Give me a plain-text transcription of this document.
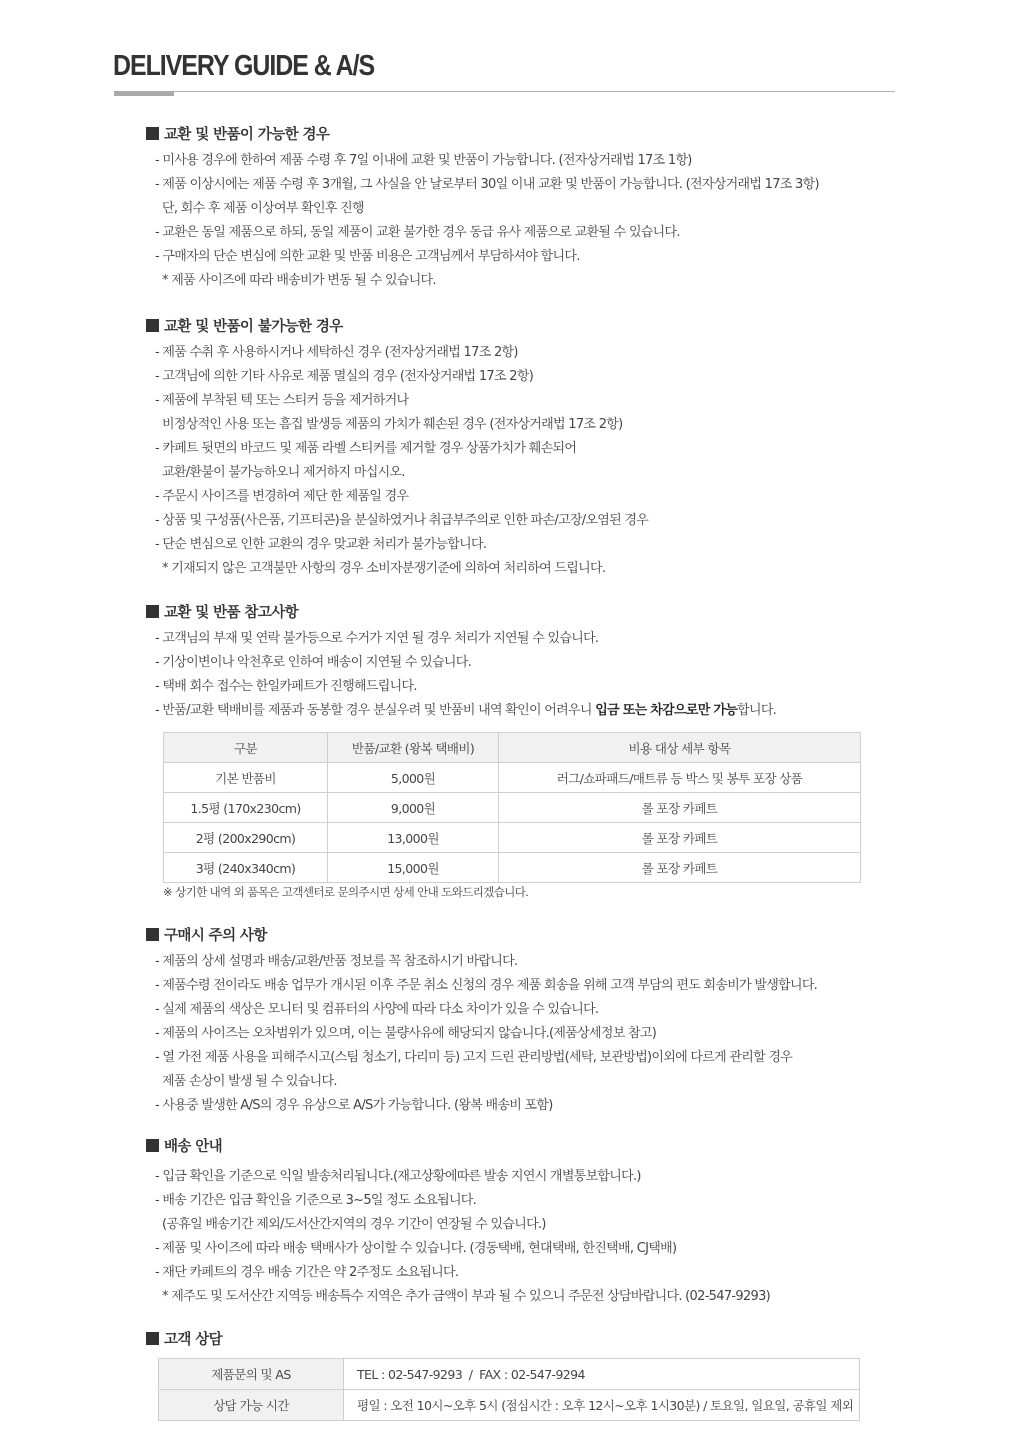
DELIVERY GUIDE & A/S
교환 및 반품이 가능한 경우
- 미사용 경우에 한하여 제품 수령 후 7일 이내에 교환 및 반품이 가능합니다. (전자상거래법 17조 1항)
- 제품 이상시에는 제품 수령 후 3개월, 그 사실을 안 날로부터 30일 이내 교환 및 반품이 가능합니다. (전자상거래법 17조 3항)
단, 회수 후 제품 이상여부 확인후 진행
- 교환은 동일 제품으로 하되, 동일 제품이 교환 불가한 경우 동급 유사 제품으로 교환될 수 있습니다.
- 구매자의 단순 변심에 의한 교환 및 반품 비용은 고객님께서 부담하셔야 합니다.
* 제품 사이즈에 따라 배송비가 변동 될 수 있습니다.
교환 및 반품이 불가능한 경우
- 제품 수취 후 사용하시거나 세탁하신 경우 (전자상거래법 17조 2항)
- 고객님에 의한 기타 사유로 제품 멸실의 경우 (전자상거래법 17조 2항)
- 제품에 부착된 텍 또는 스티커 등을 제거하거나
비정상적인 사용 또는 흠집 발생등 제품의 가치가 훼손된 경우 (전자상거래법 17조 2항)
- 카페트 뒷면의 바코드 및 제품 라벨 스티커를 제거할 경우 상품가치가 훼손되어
교환/환불이 불가능하오니 제거하지 마십시오.
- 주문시 사이즈를 변경하여 제단 한 제품일 경우
- 상품 및 구성품(사은품, 기프티콘)을 분실하였거나 취급부주의로 인한 파손/고장/오염된 경우
- 단순 변심으로 인한 교환의 경우 맞교환 처리가 불가능합니다.
* 기재되지 않은 고객불만 사항의 경우 소비자분쟁기준에 의하여 처리하여 드립니다.
교환 및 반품 참고사항
- 고객님의 부재 및 연락 불가등으로 수거가 지연 될 경우 처리가 지연될 수 있습니다.
- 기상이변이나 악천후로 인하여 배송이 지연될 수 있습니다.
- 택배 회수 접수는 한일카페트가 진행해드립니다.
- 반품/교환 택배비를 제품과 동봉할 경우 분실우려 및 반품비 내역 확인이 어려우니 입금 또는 차감으로만 가능합니다.
구분	반품/교환 (왕복 택배비)	비용 대상 세부 항목
기본 반품비	5,000원	러그/쇼파패드/매트류 등 박스 및 봉투 포장 상품
1.5평 (170x230cm)	9,000원	롤 포장 카페트
2평 (200x290cm)	13,000원	롤 포장 카페트
3평 (240x340cm)	15,000원	롤 포장 카페트
※ 상기한 내역 외 품목은 고객센터로 문의주시면 상세 안내 도와드리겠습니다.
구매시 주의 사항
- 제품의 상세 설명과 배송/교환/반품 정보를 꼭 참조하시기 바랍니다.
- 제품수령 전이라도 배송 업무가 개시된 이후 주문 취소 신청의 경우 제품 회송을 위해 고객 부담의 편도 회송비가 발생합니다.
- 실제 제품의 색상은 모니터 및 컴퓨터의 사양에 따라 다소 차이가 있을 수 있습니다.
- 제품의 사이즈는 오차범위가 있으며, 이는 불량사유에 해당되지 않습니다.(제품상세정보 참고)
- 열 가전 제품 사용을 피해주시고(스팀 청소기, 다리미 등) 고지 드린 관리방법(세탁, 보관방법)이외에 다르게 관리할 경우
제품 손상이 발생 될 수 있습니다.
- 사용중 발생한 A/S의 경우 유상으로 A/S가 가능합니다. (왕복 배송비 포함)
배송 안내
- 입금 확인을 기준으로 익일 발송처리됩니다.(재고상황에따른 발송 지연시 개별통보합니다.)
- 배송 기간은 입금 확인을 기준으로 3~5일 정도 소요됩니다.
(공휴일 배송기간 제외/도서산간지역의 경우 기간이 연장될 수 있습니다.)
- 제품 및 사이즈에 따라 배송 택배사가 상이할 수 있습니다. (경동택배, 현대택배, 한진택배, CJ택배)
- 재단 카페트의 경우 배송 기간은 약 2주정도 소요됩니다.
* 제주도 및 도서산간 지역등 배송특수 지역은 추가 금액이 부과 될 수 있으니 주문전 상담바랍니다. (02-547-9293)
고객 상담
제품문의 및 AS	TEL : 02-547-9293  /  FAX : 02-547-9294
상담 가능 시간	평일 : 오전 10시~오후 5시 (점심시간 : 오후 12시~오후 1시30분) / 토요일, 일요일, 공휴일 제외
